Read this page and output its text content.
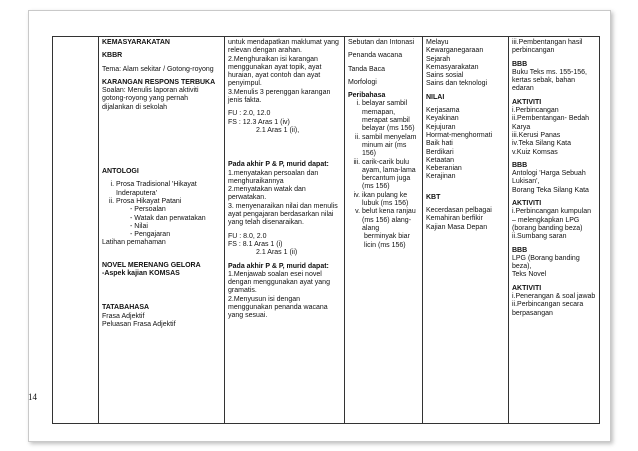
KEMASYARAKATAN
KBBR
Tema: Alam sekitar / Gotong-royong
KARANGAN RESPONS TERBUKA
Soalan: Menulis laporan aktiviti gotong-royong yang pernah dijalankan di sekolah
ANTOLOGI
i. Prosa Tradisional 'Hikayat Inderaputera'
ii. Prosa Hikayat Patani
- Persoalan
- Watak dan perwatakan
- Nilai
- Pengajaran
Latihan pemahaman
NOVEL MERENANG GELORA
-Aspek kajian KOMSAS
TATABAHASA
Frasa Adjektif
Peluasan Frasa Adjektif

untuk mendapatkan maklumat yang relevan dengan arahan.
2.Menghuraikan isi karangan menggunakan ayat topik, ayat huraian, ayat contoh dan ayat penyimpul.
3.Menulis 3 perenggan karangan jenis fakta.
FU : 2.0, 12.0
FS : 12.3 Aras 1 (iv)
2.1 Aras 1 (ii),
Pada akhir P & P, murid dapat:
1.menyatakan persoalan dan menghuraikannya
2.menyatakan watak dan perwatakan.
3. menyenaraikan nilai dan menulis ayat pengajaran berdasarkan nilai yang telah disenaraikan.
FU : 8.0, 2.0
FS : 8.1 Aras 1 (i)
2.1 Aras 1 (ii)
Pada akhir P & P, murid dapat:
1.Menjawab soalan esei novel dengan menggunakan ayat yang gramatis.
2.Menyusun isi dengan menggunakan penanda wacana yang sesuai.

Sebutan dan Intonasi
Penanda wacana
Tanda Baca
Morfologi
Peribahasa
i. belayar sambil memapan, merapat sambil belayar (ms 156)
ii. sambil menyelam minum air (ms 156)
iii. carik-carik bulu ayam, lama-lama bercantum juga (ms 156)
iv. ikan pulang ke lubuk (ms 156)
v. belut kena ranjau (ms 156) alang-alang
berminyak biar licin (ms 156)

Melayu
Kewarganegaraan
Sejarah
Kemasyarakatan
Sains sosial
Sains dan teknologi
NILAI
Kerjasama
Keyakinan
Kejujuran
Hormat-menghormati
Baik hati
Berdikari
Ketaatan
Keberanian
Kerajinan
KBT
Kecerdasan pelbagai
Kemahiran berfikir
Kajian Masa Depan

iii.Pembentangan hasil perbincangan
BBB
Buku Teks ms. 155-156, kertas sebak, bahan edaran
AKTIVITI
i.Perbincangan
ii.Pembentangan- Bedah Karya
iii.Kerusi Panas
iv.Teka Silang Kata
v.Kuiz Komsas
BBB
Antologi 'Harga Sebuah Lukisan',
Borang Teka Silang Kata
AKTIVITI
i.Perbincangan kumpulan – melengkapkan LPG (borang banding beza)
ii.Sumbang saran
BBB
LPG (Borang banding beza),
Teks Novel
AKTIVITI
i.Penerangan & soal jawab
ii.Perbincangan secara berpasangan
14
